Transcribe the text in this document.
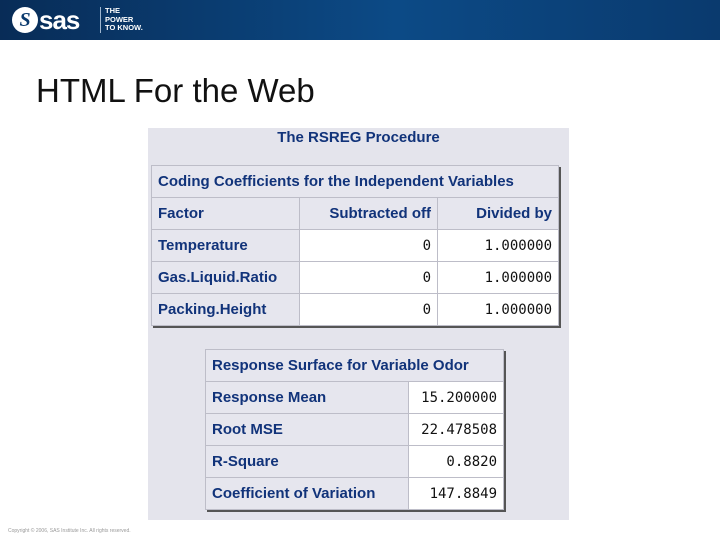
S sas	THE
POWER
TO KNOW.
HTML For the Web
The RSREG Procedure
Coding Coefficients for the Independent Variables		
Factor	Subtracted off	Divided by
Temperature	0	1.000000
Gas.Liquid.Ratio	0	1.000000
Packing.Height	0	1.000000
Response Surface for Variable Odor	
Response Mean	15.200000
Root MSE	22.478508
R-Square	0.8820
Coefficient of Variation	147.8849
Copyright © 2006, SAS Institute Inc. All rights reserved.
